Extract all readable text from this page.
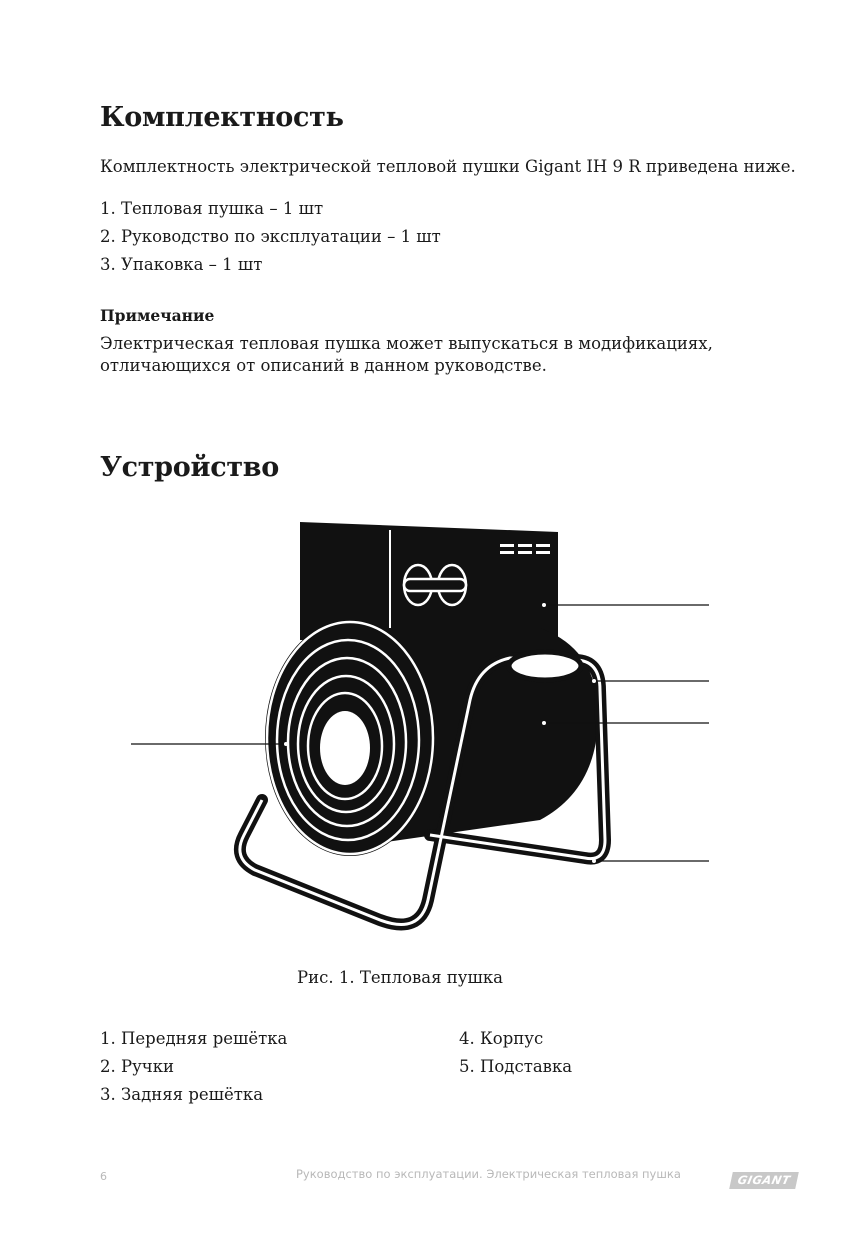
Комплектность

Комплектность электрической тепловой пушки Gigant IH 9 R приведена ниже.

1. Тепловая пушка – 1 шт
2. Руководство по эксплуатации – 1 шт
3. Упаковка – 1 шт
Примечание

Электрическая тепловая пушка может выпускаться в модификациях,

отличающихся от описаний в данном руководстве.

Устройство
Рис. 1. Тепловая пушка
1. Передняя решётка
2. Ручки
3. Задняя решётка
4. Корпус
5. Подставка
6	Руководство по эксплуатации. Электрическая тепловая пушка	GIGANT
